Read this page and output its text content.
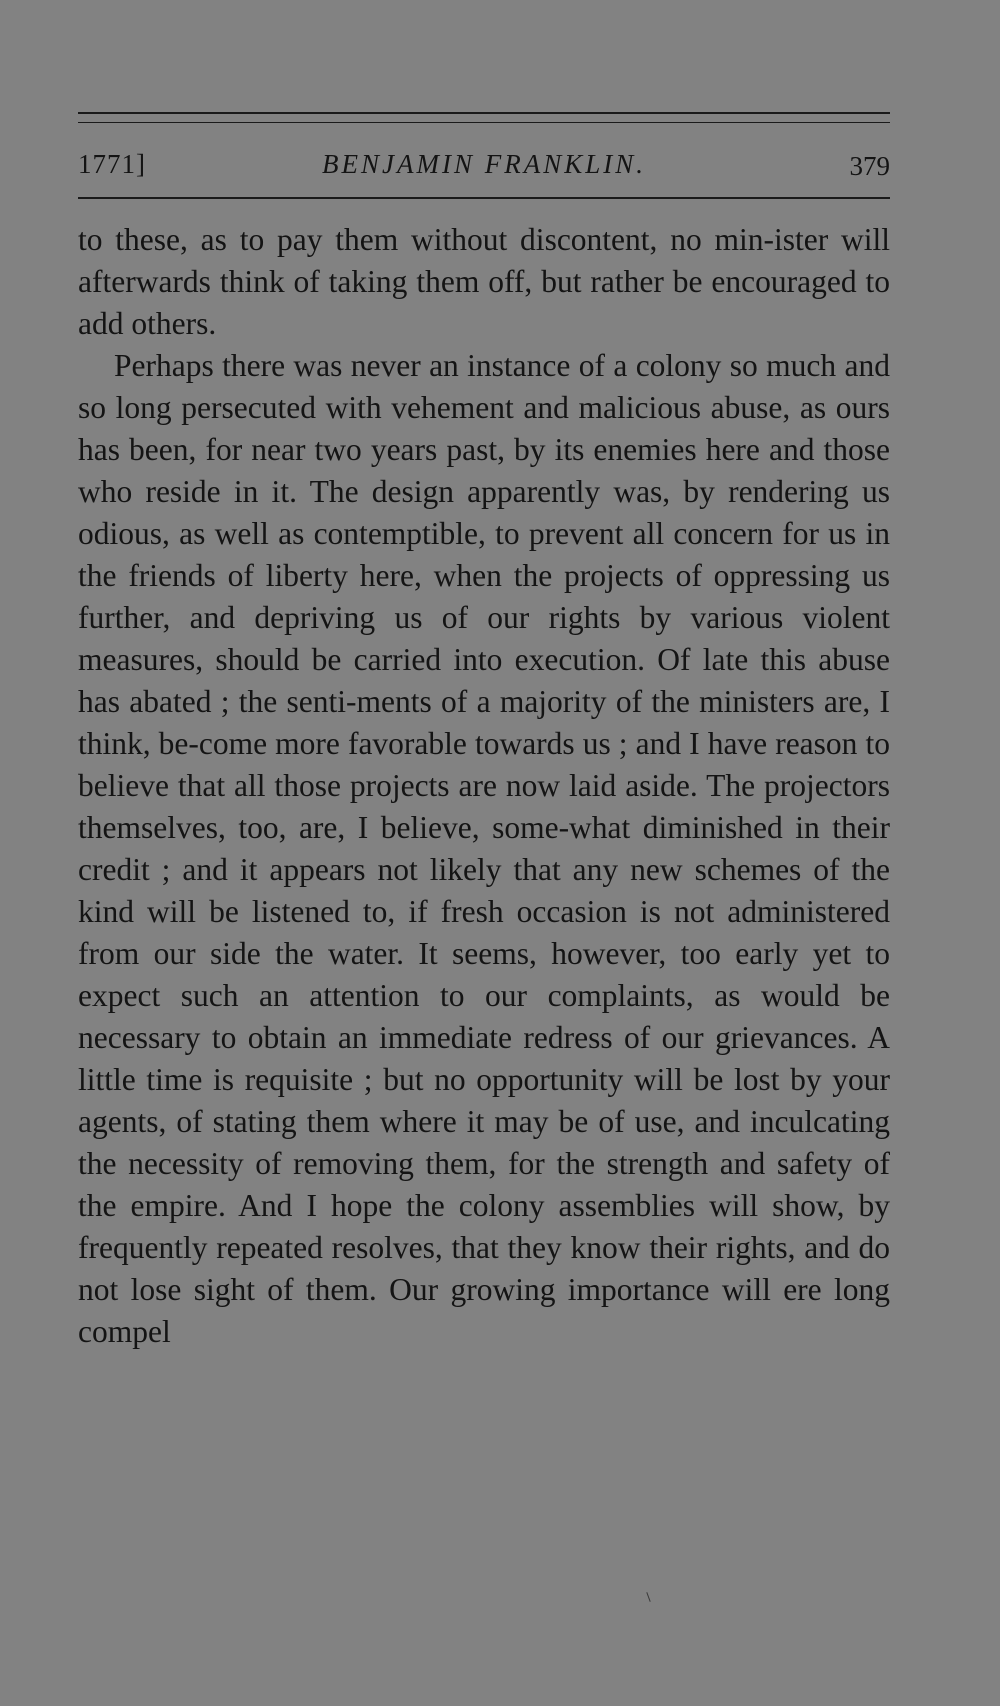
1771]	BENJAMIN FRANKLIN.	379

to these, as to pay them without discontent, no min-ister will afterwards think of taking them off, but rather be encouraged to add others.

Perhaps there was never an instance of a colony so much and so long persecuted with vehement and malicious abuse, as ours has been, for near two years past, by its enemies here and those who reside in it. The design apparently was, by rendering us odious, as well as contemptible, to prevent all concern for us in the friends of liberty here, when the projects of oppressing us further, and depriving us of our rights by various violent measures, should be carried into execution. Of late this abuse has abated ; the senti-ments of a majority of the ministers are, I think, be-come more favorable towards us ; and I have reason to believe that all those projects are now laid aside. The projectors themselves, too, are, I believe, some-what diminished in their credit ; and it appears not likely that any new schemes of the kind will be listened to, if fresh occasion is not administered from our side the water. It seems, however, too early yet to expect such an attention to our complaints, as would be necessary to obtain an immediate redress of our grievances. A little time is requisite ; but no opportunity will be lost by your agents, of stating them where it may be of use, and inculcating the necessity of removing them, for the strength and safety of the empire. And I hope the colony assemblies will show, by frequently repeated resolves, that they know their rights, and do not lose sight of them. Our growing importance will ere long compel
